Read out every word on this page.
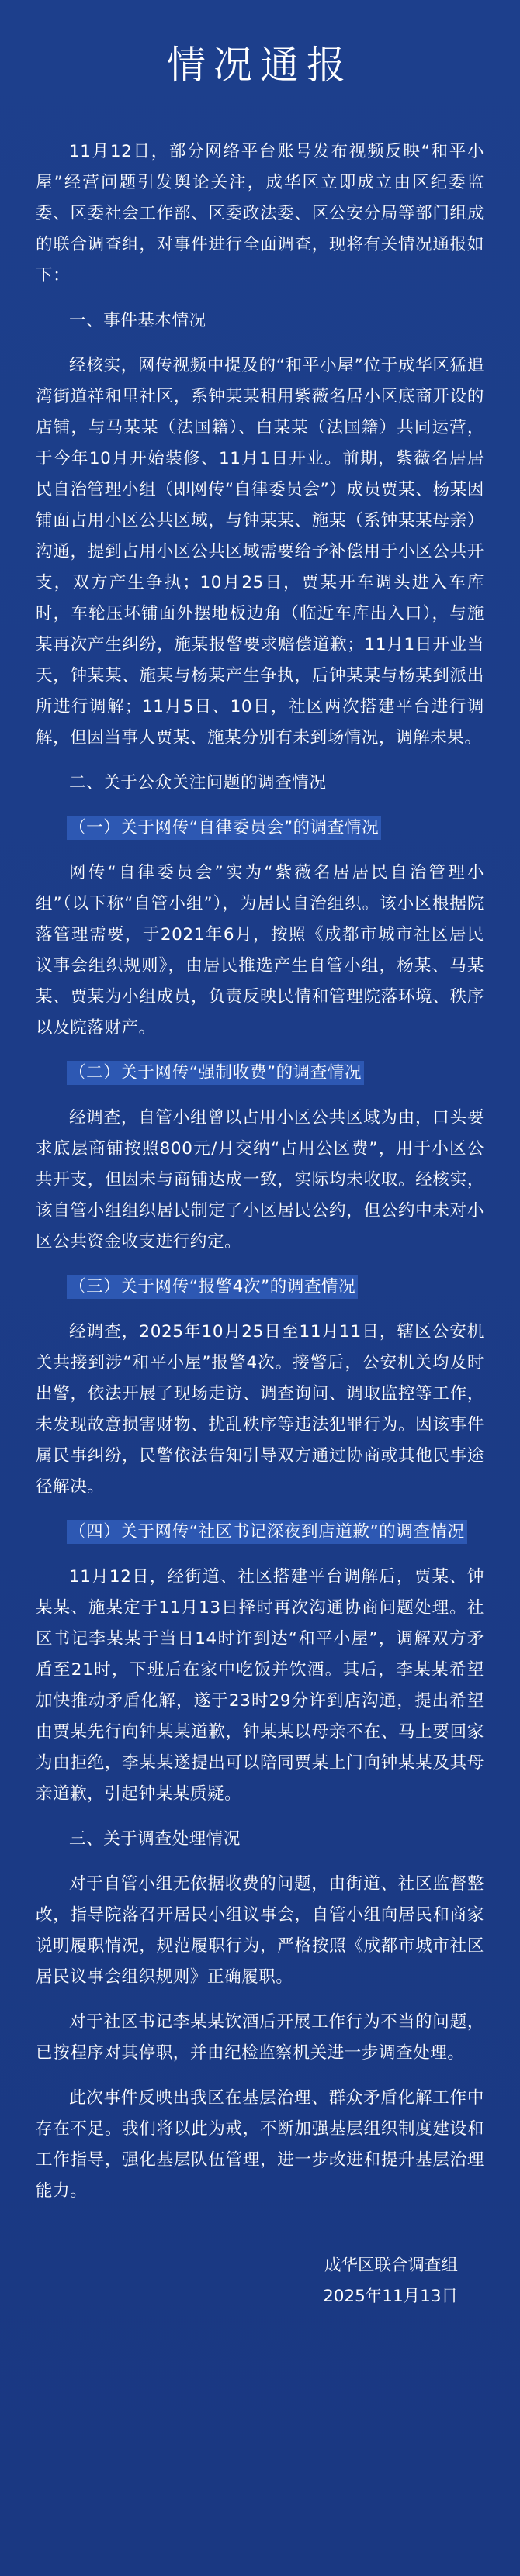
情况通报

11月12日，部分网络平台账号发布视频反映“和平小屋”经营问题引发舆论关注，成华区立即成立由区纪委监委、区委社会工作部、区委政法委、区公安分局等部门组成的联合调查组，对事件进行全面调查，现将有关情况通报如下：

一、事件基本情况

经核实，网传视频中提及的“和平小屋”位于成华区猛追湾街道祥和里社区，系钟某某租用紫薇名居小区底商开设的店铺，与马某某（法国籍）、白某某（法国籍）共同运营，于今年10月开始装修、11月1日开业。前期，紫薇名居居民自治管理小组（即网传“自律委员会”）成员贾某、杨某因铺面占用小区公共区域，与钟某某、施某（系钟某某母亲）沟通，提到占用小区公共区域需要给予补偿用于小区公共开支，双方产生争执；10月25日，贾某开车调头进入车库时，车轮压坏铺面外摆地板边角（临近车库出入口），与施某再次产生纠纷，施某报警要求赔偿道歉；11月1日开业当天，钟某某、施某与杨某产生争执，后钟某某与杨某到派出所进行调解；11月5日、10日，社区两次搭建平台进行调解，但因当事人贾某、施某分别有未到场情况，调解未果。

二、关于公众关注问题的调查情况

（一）关于网传“自律委员会”的调查情况

网传“自律委员会”实为“紫薇名居居民自治管理小组”（以下称“自管小组”），为居民自治组织。该小区根据院落管理需要，于2021年6月，按照《成都市城市社区居民议事会组织规则》，由居民推选产生自管小组，杨某、马某某、贾某为小组成员，负责反映民情和管理院落环境、秩序以及院落财产。

（二）关于网传“强制收费”的调查情况

经调查，自管小组曾以占用小区公共区域为由，口头要求底层商铺按照800元/月交纳“占用公区费”，用于小区公共开支，但因未与商铺达成一致，实际均未收取。经核实，该自管小组组织居民制定了小区居民公约，但公约中未对小区公共资金收支进行约定。

（三）关于网传“报警4次”的调查情况

经调查，2025年10月25日至11月11日，辖区公安机关共接到涉“和平小屋”报警4次。接警后，公安机关均及时出警，依法开展了现场走访、调查询问、调取监控等工作，未发现故意损害财物、扰乱秩序等违法犯罪行为。因该事件属民事纠纷，民警依法告知引导双方通过协商或其他民事途径解决。

（四）关于网传“社区书记深夜到店道歉”的调查情况

11月12日，经街道、社区搭建平台调解后，贾某、钟某某、施某定于11月13日择时再次沟通协商问题处理。社区书记李某某于当日14时许到达“和平小屋”，调解双方矛盾至21时，下班后在家中吃饭并饮酒。其后，李某某希望加快推动矛盾化解，遂于23时29分许到店沟通，提出希望由贾某先行向钟某某道歉，钟某某以母亲不在、马上要回家为由拒绝，李某某遂提出可以陪同贾某上门向钟某某及其母亲道歉，引起钟某某质疑。

三、关于调查处理情况

对于自管小组无依据收费的问题，由街道、社区监督整改，指导院落召开居民小组议事会，自管小组向居民和商家说明履职情况，规范履职行为，严格按照《成都市城市社区居民议事会组织规则》正确履职。

对于社区书记李某某饮酒后开展工作行为不当的问题，已按程序对其停职，并由纪检监察机关进一步调查处理。

此次事件反映出我区在基层治理、群众矛盾化解工作中存在不足。我们将以此为戒，不断加强基层组织制度建设和工作指导，强化基层队伍管理，进一步改进和提升基层治理能力。

成华区联合调查组
2025年11月13日
